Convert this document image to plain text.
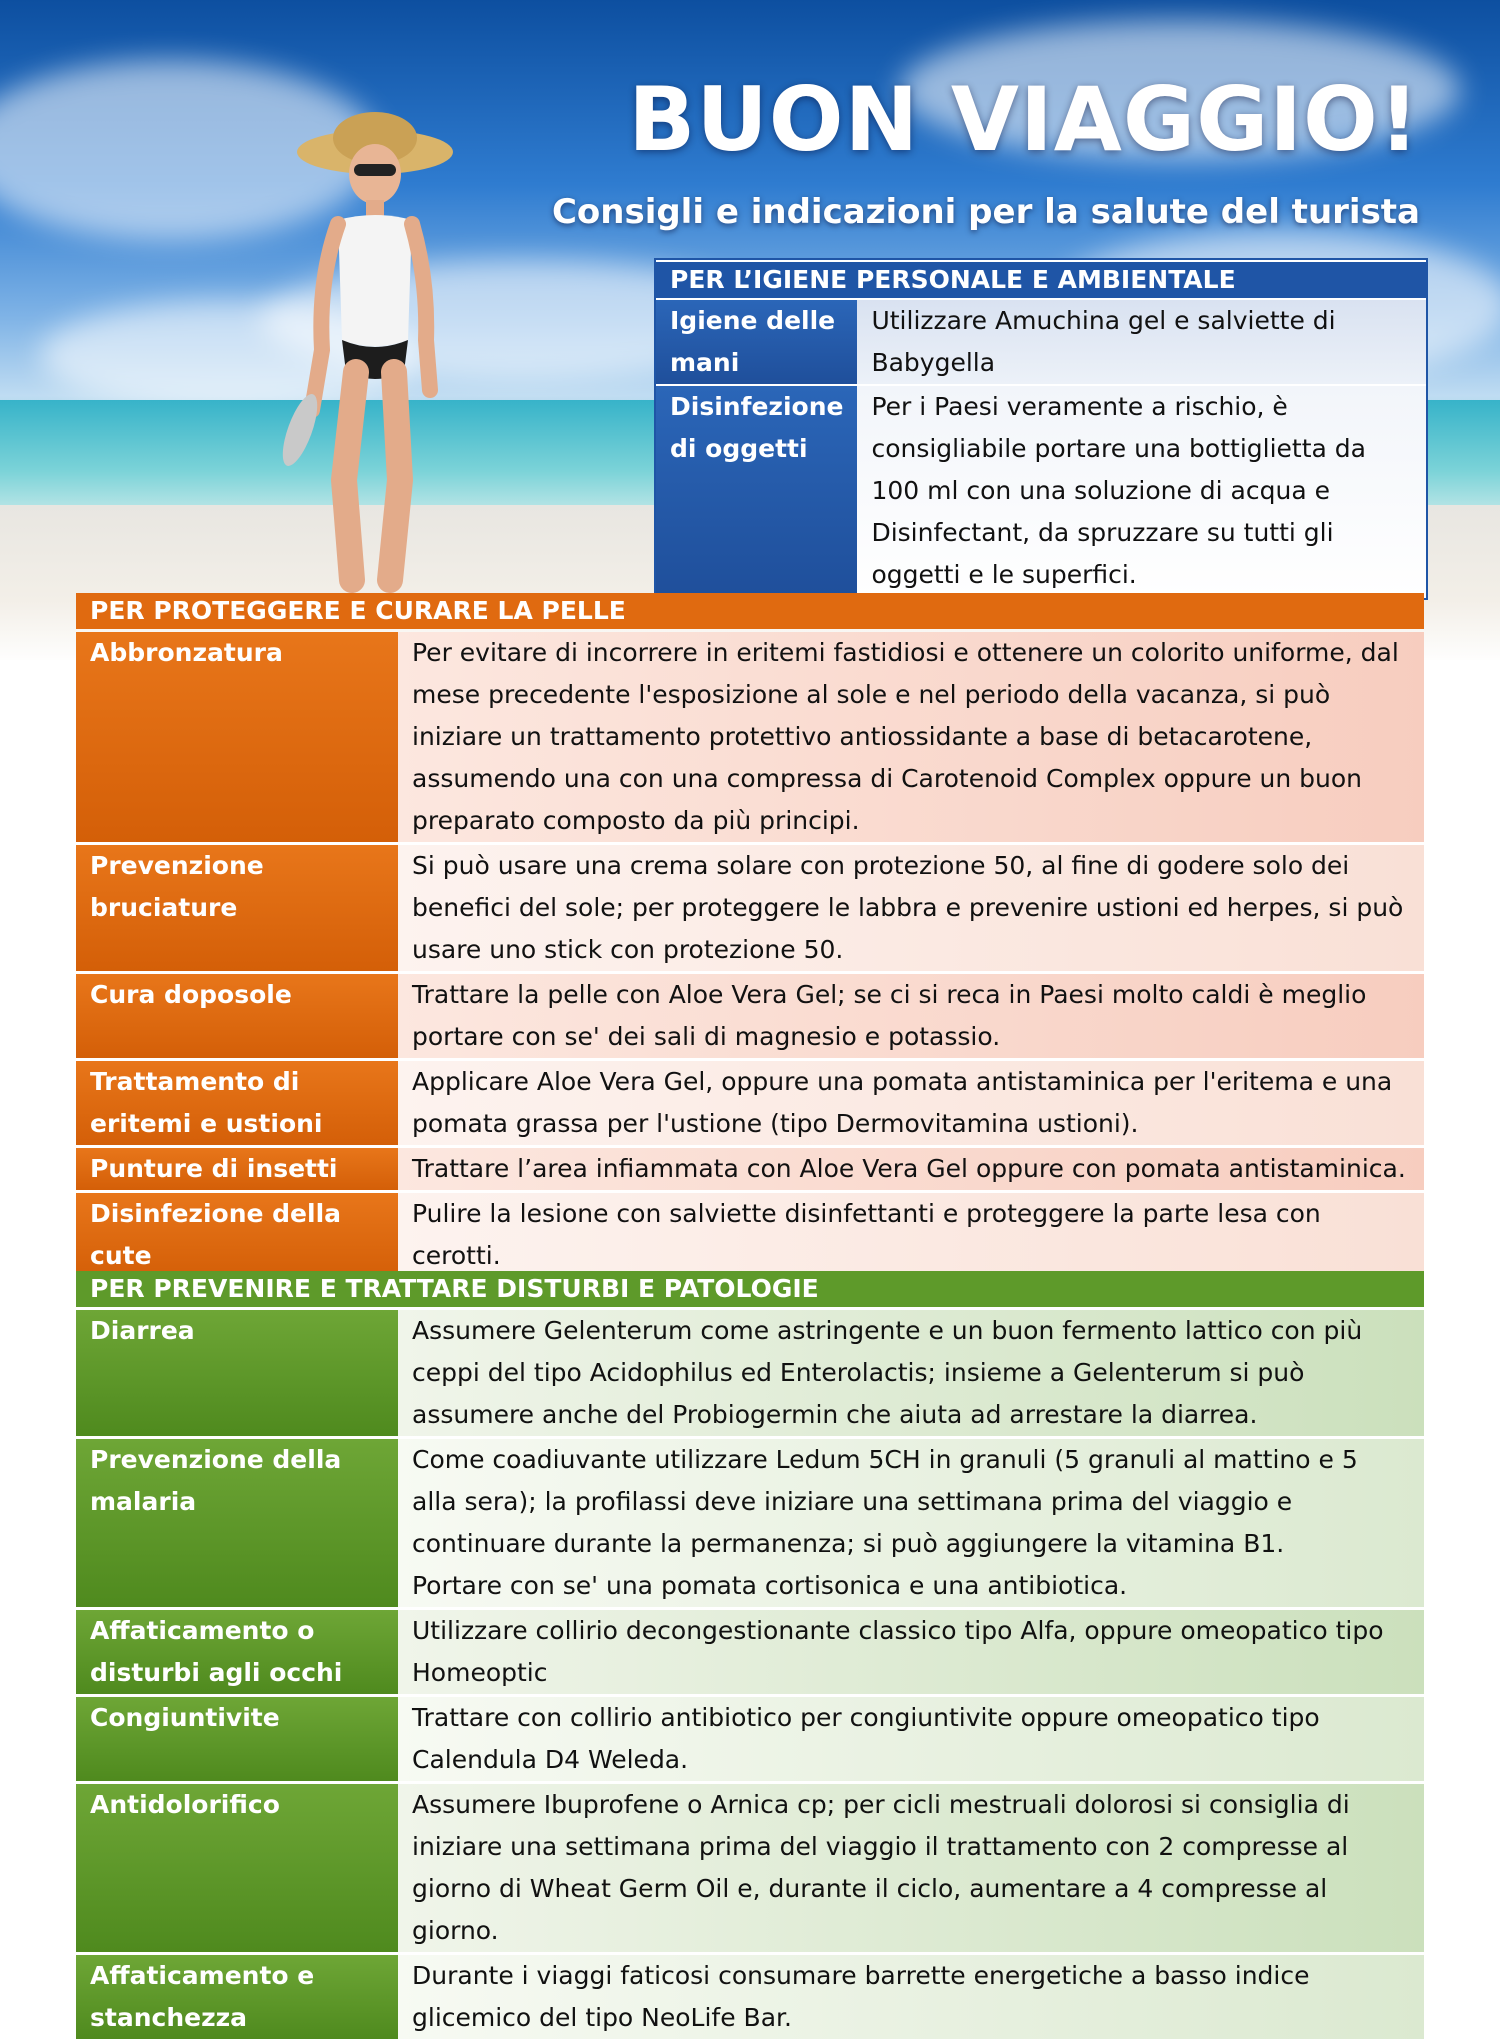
BUON VIAGGIO!

Consigli e indicazioni per la salute del turista

PER L’IGIENE PERSONALE E AMBIENTALE	
Igiene delle mani	Utilizzare Amuchina gel e salviette di Babygella
Disinfezione di oggetti	Per i Paesi veramente a rischio, è consigliabile portare una bottiglietta da 100 ml con una soluzione di acqua e Disinfectant, da spruzzare su tutti gli oggetti e le superfici.
PER PROTEGGERE E CURARE LA PELLE	
Abbronzatura	Per evitare di incorrere in eritemi fastidiosi e ottenere un colorito uniforme, dal mese precedente l'esposizione al sole e nel periodo della vacanza, si può iniziare un trattamento protettivo antiossidante a base di betacarotene, assumendo una con una compressa di Carotenoid Complex oppure un buon preparato composto da più principi.
Prevenzione bruciature	Si può usare una crema solare con protezione 50, al fine di godere solo dei benefici del sole; per proteggere le labbra e prevenire ustioni ed herpes, si può usare uno stick con protezione 50.
Cura doposole	Trattare la pelle con Aloe Vera Gel; se ci si reca in Paesi molto caldi è meglio portare con se' dei sali di magnesio e potassio.
Trattamento di eritemi e ustioni	Applicare Aloe Vera Gel, oppure una pomata antistaminica per l'eritema e una pomata grassa per l'ustione (tipo Dermovitamina ustioni).
Punture di insetti	Trattare l’area infiammata con Aloe Vera Gel oppure con pomata antistaminica.
Disinfezione della cute	Pulire la lesione con salviette disinfettanti e proteggere la parte lesa con cerotti.
PER PREVENIRE E TRATTARE DISTURBI E PATOLOGIE	
Diarrea	Assumere Gelenterum come astringente e un buon fermento lattico con più ceppi del tipo Acidophilus ed Enterolactis; insieme a Gelenterum si può assumere anche del Probiogermin che aiuta ad arrestare la diarrea.
Prevenzione della malaria	Come coadiuvante utilizzare Ledum 5CH in granuli (5 granuli al mattino e 5 alla sera); la profilassi deve iniziare una settimana prima del viaggio e continuare durante la permanenza; si può aggiungere la vitamina B1.
Portare con se' una pomata cortisonica e una antibiotica.

Affaticamento o disturbi agli occhi	Utilizzare collirio decongestionante classico tipo Alfa, oppure omeopatico tipo Homeoptic
Congiuntivite	Trattare con collirio antibiotico per congiuntivite oppure omeopatico tipo Calendula D4 Weleda.
Antidolorifico	Assumere Ibuprofene o Arnica cp; per cicli mestruali dolorosi si consiglia di iniziare una settimana prima del viaggio il trattamento con 2 compresse al giorno di Wheat Germ Oil e, durante il ciclo, aumentare a 4 compresse al giorno.
Affaticamento e stanchezza	Durante i viaggi faticosi consumare barrette energetiche a basso indice glicemico del tipo NeoLife Bar.
